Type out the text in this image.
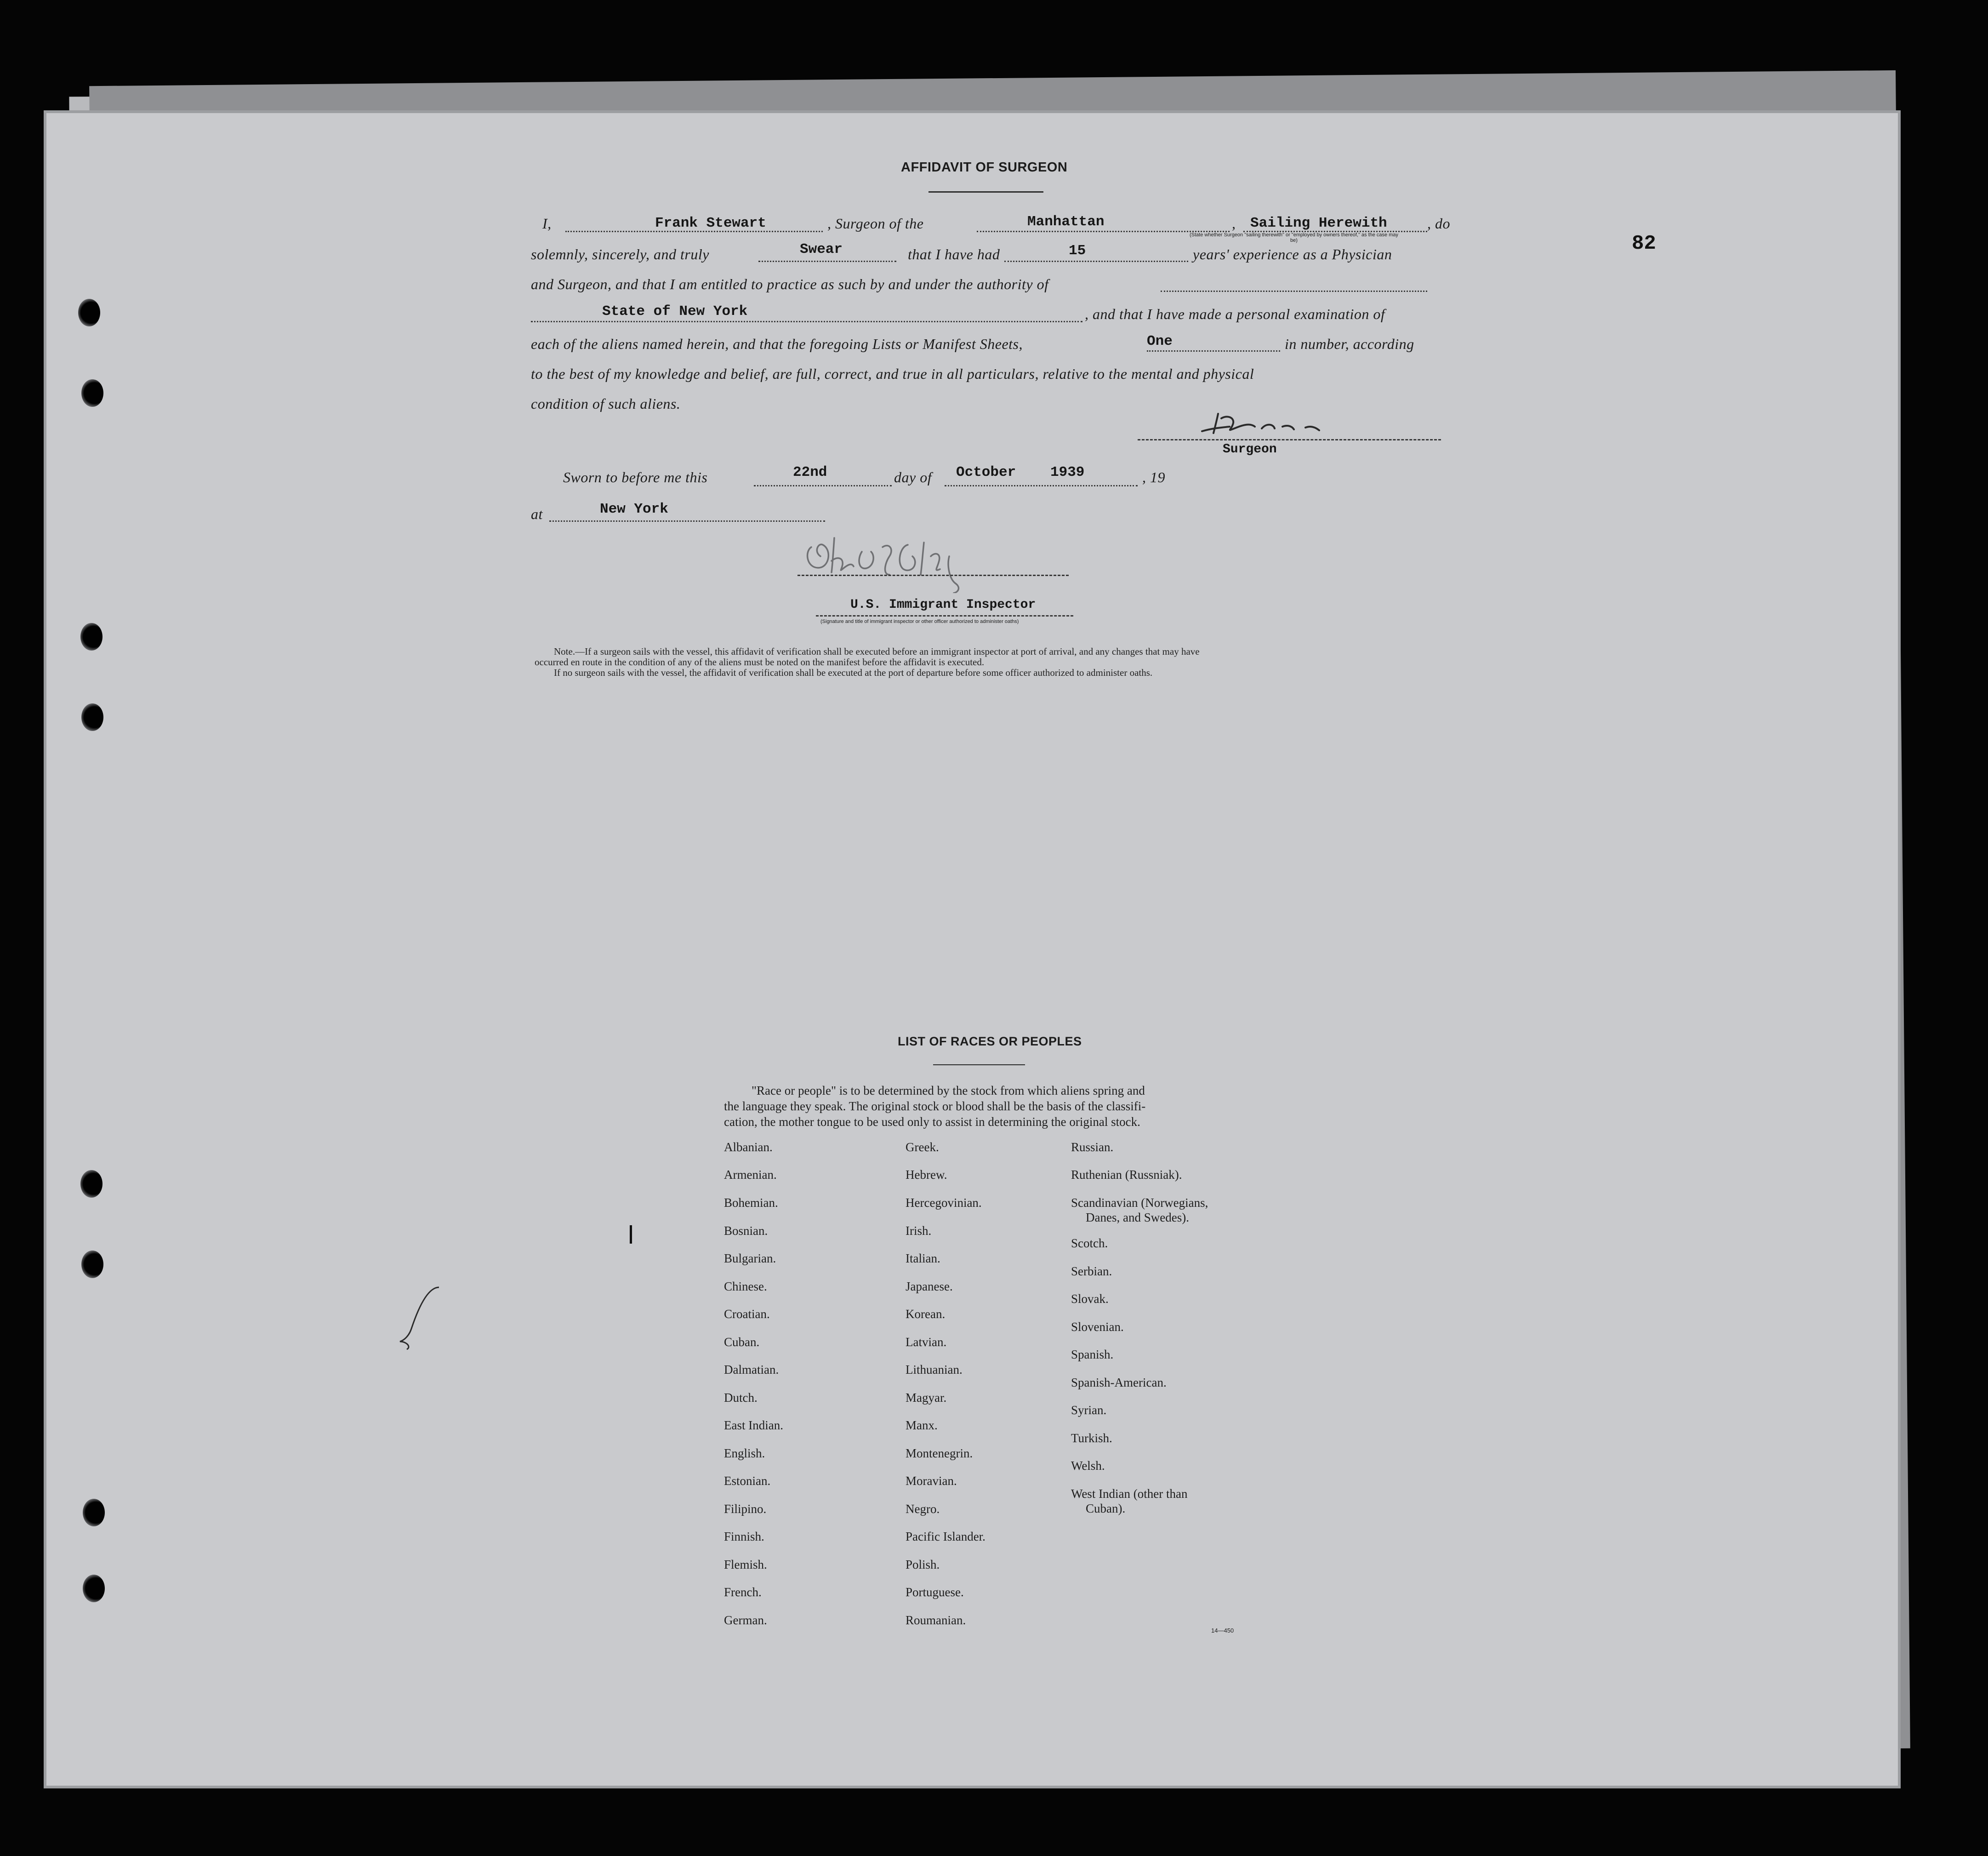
82
AFFIDAVIT OF SURGEON
I,	Frank Stewart	, Surgeon of the	Manhattan	, Sailing Herewith
(State whether Surgeon "sailing therewith" or "employed by owners thereof," as the case may be)
, do
solemnly, sincerely, and truly	Swear	that I have had	15	years' experience as a Physician
and Surgeon, and that I am entitled to practice as such by and under the authority of
State of New York	, and that I have made a personal examination of
each of the aliens named herein, and that the foregoing Lists or Manifest Sheets,	One	in number, according
to the best of my knowledge and belief, are full, correct, and true in all particulars, relative to the mental and physical
condition of such aliens.
Surgeon
Sworn to before me this	22nd	day of October 1939	, 19
at	New York
U.S. Immigrant Inspector
(Signature and title of immigrant inspector or other officer authorized to administer oaths)
Note.—If a surgeon sails with the vessel, this affidavit of verification shall be executed before an immigrant inspector at port of arrival, and any changes that may have
occurred en route in the condition of any of the aliens must be noted on the manifest before the affidavit is executed.
If no surgeon sails with the vessel, the affidavit of verification shall be executed at the port of departure before some officer authorized to administer oaths.
LIST OF RACES OR PEOPLES
"Race or people" is to be determined by the stock from which aliens spring and
the language they speak. The original stock or blood shall be the basis of the classifi-
cation, the mother tongue to be used only to assist in determining the original stock.
Albanian.
Armenian.
Bohemian.
Bosnian.
Bulgarian.
Chinese.
Croatian.
Cuban.
Dalmatian.
Dutch.
East Indian.
English.
Estonian.
Filipino.
Finnish.
Flemish.
French.
German.
Greek.
Hebrew.
Hercegovinian.
Irish.
Italian.
Japanese.
Korean.
Latvian.
Lithuanian.
Magyar.
Manx.
Montenegrin.
Moravian.
Negro.
Pacific Islander.
Polish.
Portuguese.
Roumanian.
Russian.
Ruthenian (Russniak).
Scandinavian (Norwegians,
Danes, and Swedes).
Scotch.
Serbian.
Slovak.
Slovenian.
Spanish.
Spanish-American.
Syrian.
Turkish.
Welsh.
West Indian (other than
Cuban).
14—450
